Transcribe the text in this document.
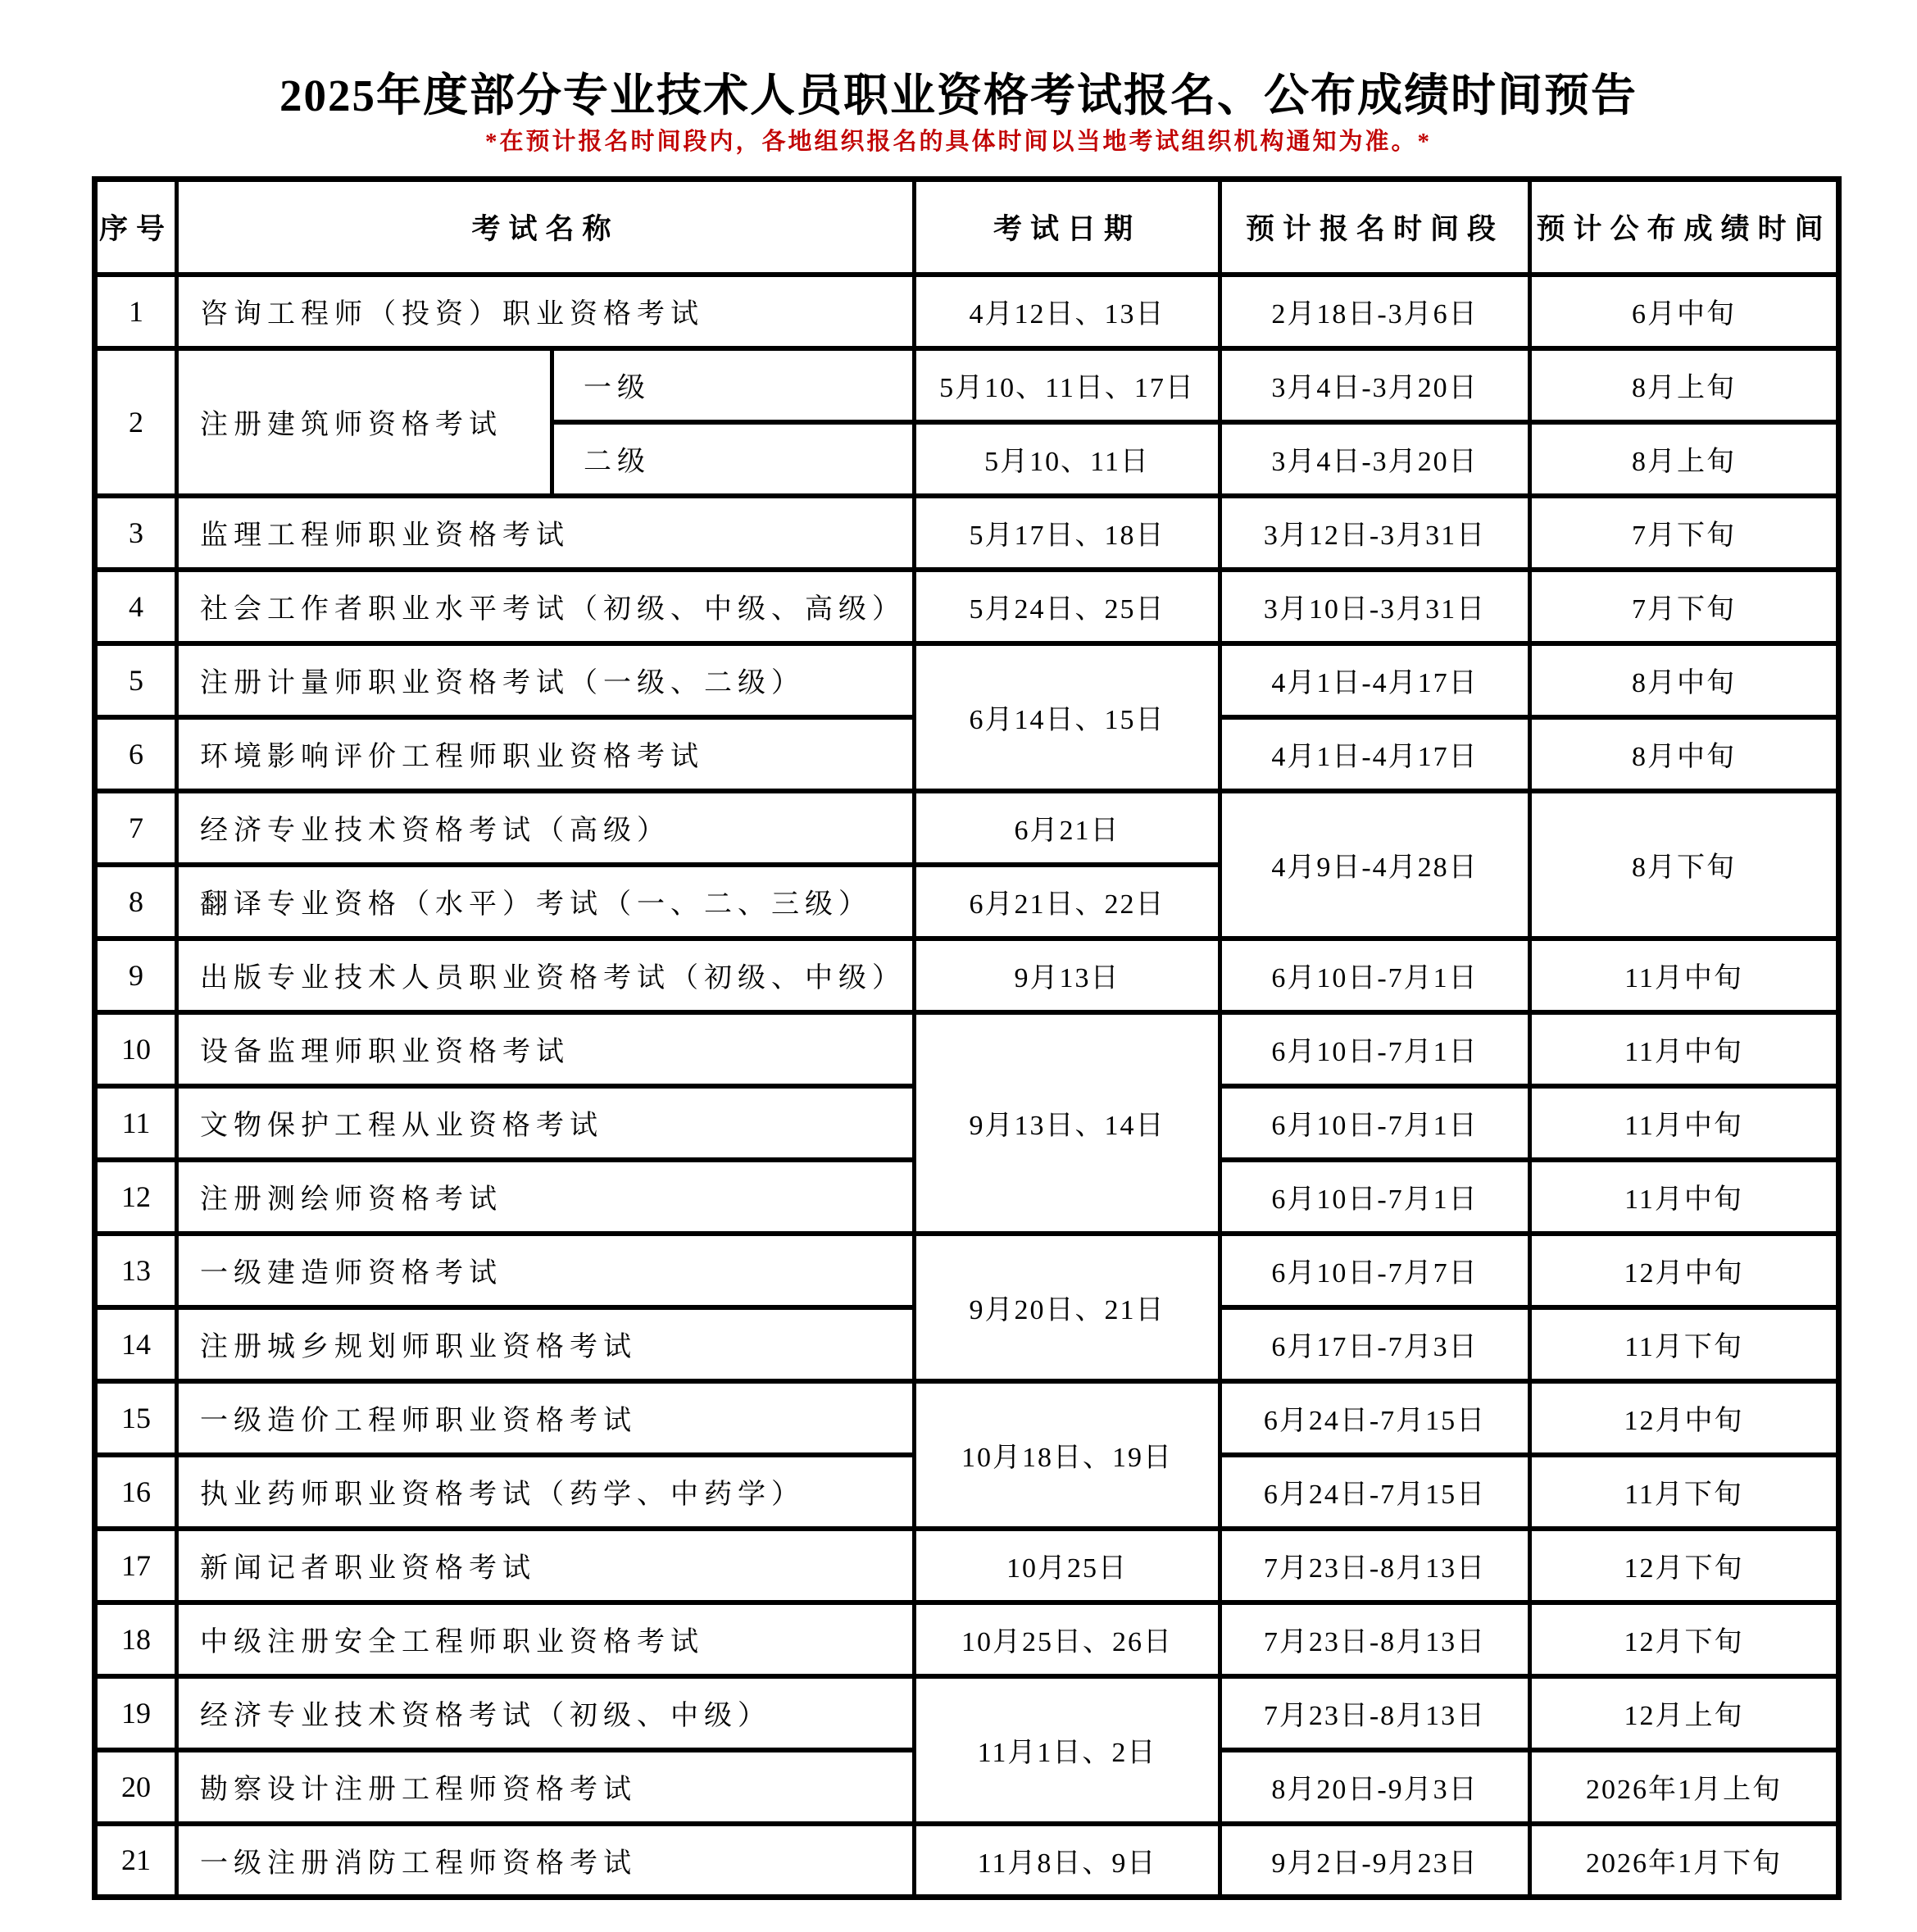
2025年度部分专业技术人员职业资格考试报名、公布成绩时间预告
*在预计报名时间段内，各地组织报名的具体时间以当地考试组织机构通知为准。*
序号	考试名称		考试日期	预计报名时间段	预计公布成绩时间
1	咨询工程师（投资）职业资格考试		4月12日、13日	2月18日-3月6日	6月中旬
2	注册建筑师资格考试	一级	5月10、11日、17日	3月4日-3月20日	8月上旬
		二级	5月10、11日	3月4日-3月20日	8月上旬
3	监理工程师职业资格考试		5月17日、18日	3月12日-3月31日	7月下旬
4	社会工作者职业水平考试（初级、中级、高级）		5月24日、25日	3月10日-3月31日	7月下旬
5	注册计量师职业资格考试（一级、二级）		6月14日、15日	4月1日-4月17日	8月中旬
6	环境影响评价工程师职业资格考试			4月1日-4月17日	8月中旬
7	经济专业技术资格考试（高级）		6月21日	4月9日-4月28日	8月下旬
8	翻译专业资格（水平）考试（一、二、三级）		6月21日、22日		
9	出版专业技术人员职业资格考试（初级、中级）		9月13日	6月10日-7月1日	11月中旬
10	设备监理师职业资格考试		9月13日、14日	6月10日-7月1日	11月中旬
11	文物保护工程从业资格考试			6月10日-7月1日	11月中旬
12	注册测绘师资格考试			6月10日-7月1日	11月中旬
13	一级建造师资格考试		9月20日、21日	6月10日-7月7日	12月中旬
14	注册城乡规划师职业资格考试			6月17日-7月3日	11月下旬
15	一级造价工程师职业资格考试		10月18日、19日	6月24日-7月15日	12月中旬
16	执业药师职业资格考试（药学、中药学）			6月24日-7月15日	11月下旬
17	新闻记者职业资格考试		10月25日	7月23日-8月13日	12月下旬
18	中级注册安全工程师职业资格考试		10月25日、26日	7月23日-8月13日	12月下旬
19	经济专业技术资格考试（初级、中级）		11月1日、2日	7月23日-8月13日	12月上旬
20	勘察设计注册工程师资格考试			8月20日-9月3日	2026年1月上旬
21	一级注册消防工程师资格考试		11月8日、9日	9月2日-9月23日	2026年1月下旬
